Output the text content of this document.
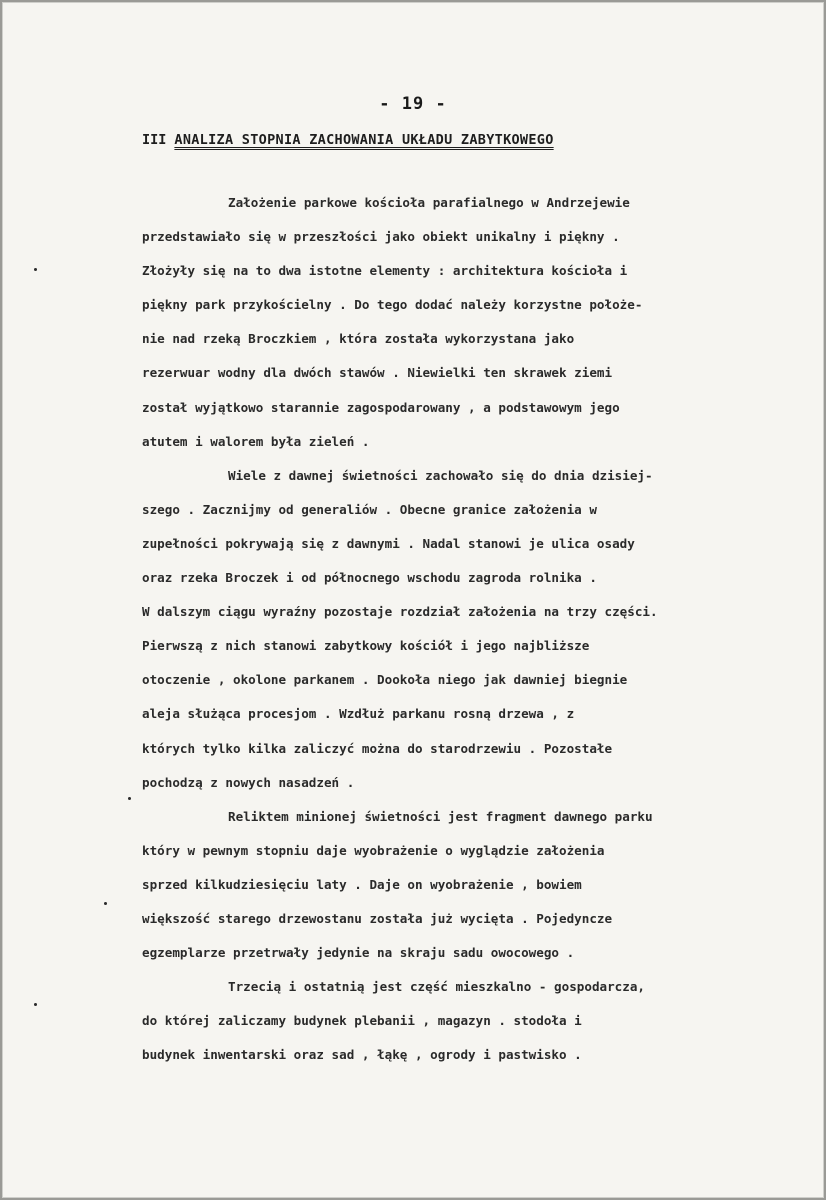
- 19 -
III ANALIZA STOPNIA ZACHOWANIA UKŁADU ZABYTKOWEGO
Założenie parkowe kościoła parafialnego w Andrzejewie
przedstawiało się w przeszłości jako obiekt unikalny i piękny .
Złożyły się na to dwa istotne elementy : architektura kościoła i
piękny park przykościelny . Do tego dodać należy korzystne położe-
nie nad rzeką Broczkiem , która została wykorzystana jako
rezerwuar wodny dla dwóch stawów . Niewielki ten skrawek ziemi
został wyjątkowo starannie zagospodarowany , a podstawowym jego
atutem i walorem była zieleń .
Wiele z dawnej świetności zachowało się do dnia dzisiej-
szego . Zacznijmy od generaliów . Obecne granice założenia w
zupełności pokrywają się z dawnymi . Nadal stanowi je ulica osady
oraz rzeka Broczek i od północnego wschodu zagroda rolnika .
W dalszym ciągu wyraźny pozostaje rozdział założenia na trzy części.
Pierwszą z nich stanowi zabytkowy kościół i jego najbliższe
otoczenie , okolone parkanem . Dookoła niego jak dawniej biegnie
aleja służąca procesjom . Wzdłuż parkanu rosną drzewa , z
których tylko kilka zaliczyć można do starodrzewiu . Pozostałe
pochodzą z nowych nasadzeń .
Reliktem minionej świetności jest fragment dawnego parku
który w pewnym stopniu daje wyobrażenie o wyglądzie założenia
sprzed kilkudziesięciu laty . Daje on wyobrażenie , bowiem
większość starego drzewostanu została już wycięta . Pojedyncze
egzemplarze przetrwały jedynie na skraju sadu owocowego .
Trzecią i ostatnią jest część mieszkalno - gospodarcza,
do której zaliczamy budynek plebanii , magazyn . stodoła i
budynek inwentarski oraz sad , łąkę , ogrody i pastwisko .
